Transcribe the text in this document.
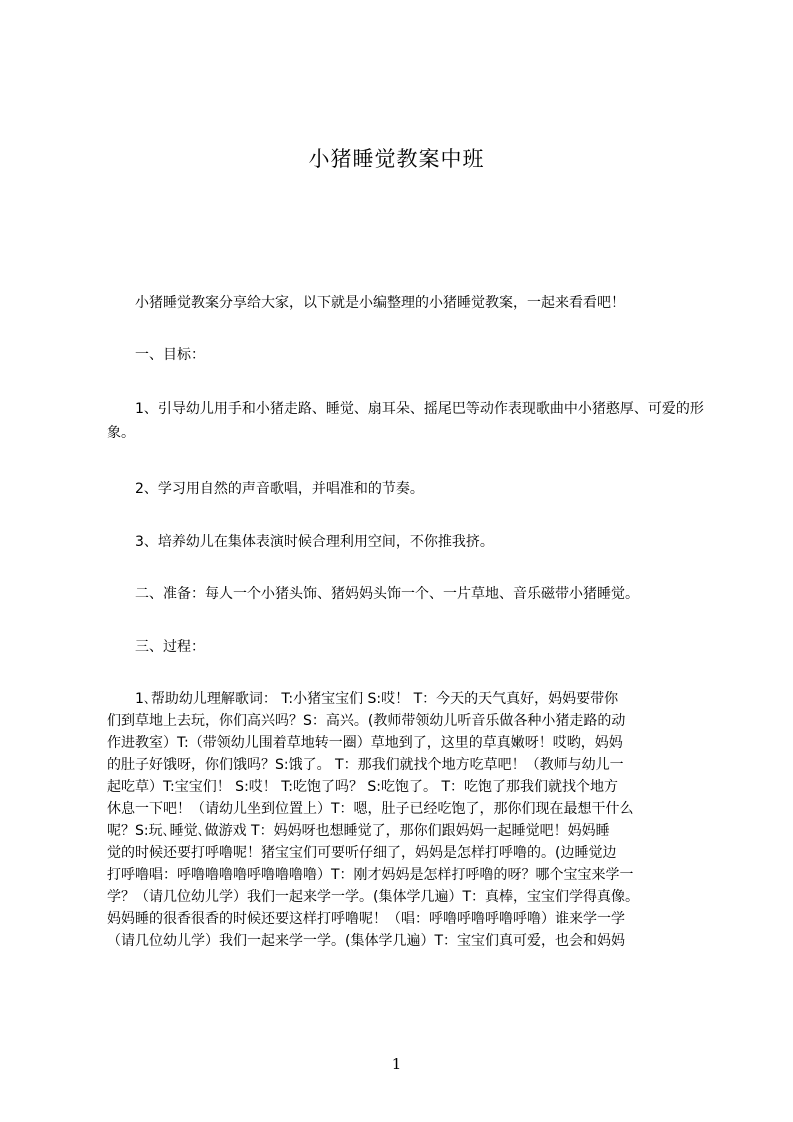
小猪睡觉教案中班
小猪睡觉教案分享给大家，以下就是小编整理的小猪睡觉教案，一起来看看吧！
一、目标：
1、引导幼儿用手和小猪走路、睡觉、扇耳朵、摇尾巴等动作表现歌曲中小猪憨厚、可爱的形象。
2、学习用自然的声音歌唱，并唱准和的节奏。
3、培养幼儿在集体表演时候合理利用空间，不你推我挤。
二、准备：每人一个小猪头饰、猪妈妈头饰一个、一片草地、音乐磁带小猪睡觉。
三、过程：
1､帮助幼儿理解歌词： T:小猪宝宝们 S:哎！ T：今天的天气真好，妈妈要带你
们到草地上去玩，你们高兴吗？S：高兴。(教师带领幼儿听音乐做各种小猪走路的动
作进教室）T:（带领幼儿围着草地转一圈）草地到了，这里的草真嫩呀！哎哟，妈妈
的肚子好饿呀，你们饿吗？S:饿了。 T：那我们就找个地方吃草吧！（教师与幼儿一
起吃草）T:宝宝们！ S:哎！ T:吃饱了吗？ S:吃饱了。 T：吃饱了那我们就找个地方
休息一下吧！（请幼儿坐到位置上）T：嗯，肚子已经吃饱了，那你们现在最想干什么
呢？S:玩､睡觉､做游戏 T：妈妈呀也想睡觉了，那你们跟妈妈一起睡觉吧！妈妈睡
觉的时候还要打呼噜呢！猪宝宝们可要听仔细了，妈妈是怎样打呼噜的。(边睡觉边
打呼噜唱：呼噜噜噜噜呼噜噜噜噜）T：刚才妈妈是怎样打呼噜的呀？哪个宝宝来学一
学？（请几位幼儿学）我们一起来学一学。(集体学几遍）T：真棒，宝宝们学得真像。
妈妈睡的很香很香的时候还要这样打呼噜呢！（唱：呼噜呼噜呼噜呼噜）谁来学一学
（请几位幼儿学）我们一起来学一学。(集体学几遍）T：宝宝们真可爱，也会和妈妈
1
